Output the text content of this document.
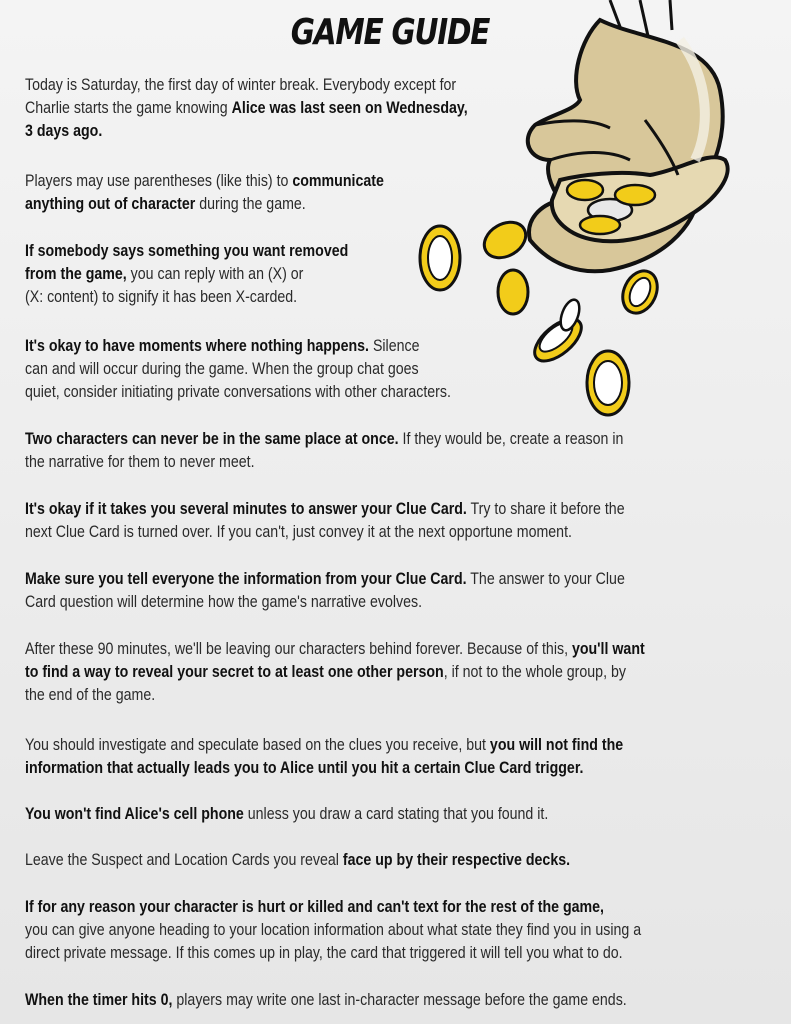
GAME GUIDE

Today is Saturday, the first day of winter break. Everybody except for
Charlie starts the game knowing Alice was last seen on Wednesday,
3 days ago.

Players may use parentheses (like this) to communicate
anything out of character during the game.

If somebody says something you want removed
from the game, you can reply with an (X) or
(X: content) to signify it has been X-carded.

It's okay to have moments where nothing happens. Silence
can and will occur during the game. When the group chat goes
quiet, consider initiating private conversations with other characters.

Two characters can never be in the same place at once. If they would be, create a reason in
the narrative for them to never meet.

It's okay if it takes you several minutes to answer your Clue Card. Try to share it before the
next Clue Card is turned over. If you can't, just convey it at the next opportune moment.

Make sure you tell everyone the information from your Clue Card. The answer to your Clue
Card question will determine how the game's narrative evolves.

After these 90 minutes, we'll be leaving our characters behind forever. Because of this, you'll want
to find a way to reveal your secret to at least one other person, if not to the whole group, by
the end of the game.

You should investigate and speculate based on the clues you receive, but you will not find the
information that actually leads you to Alice until you hit a certain Clue Card trigger.

You won't find Alice's cell phone unless you draw a card stating that you found it.

Leave the Suspect and Location Cards you reveal face up by their respective decks.

If for any reason your character is hurt or killed and can't text for the rest of the game,
you can give anyone heading to your location information about what state they find you in using a
direct private message. If this comes up in play, the card that triggered it will tell you what to do.

When the timer hits 0, players may write one last in-character message before the game ends.
